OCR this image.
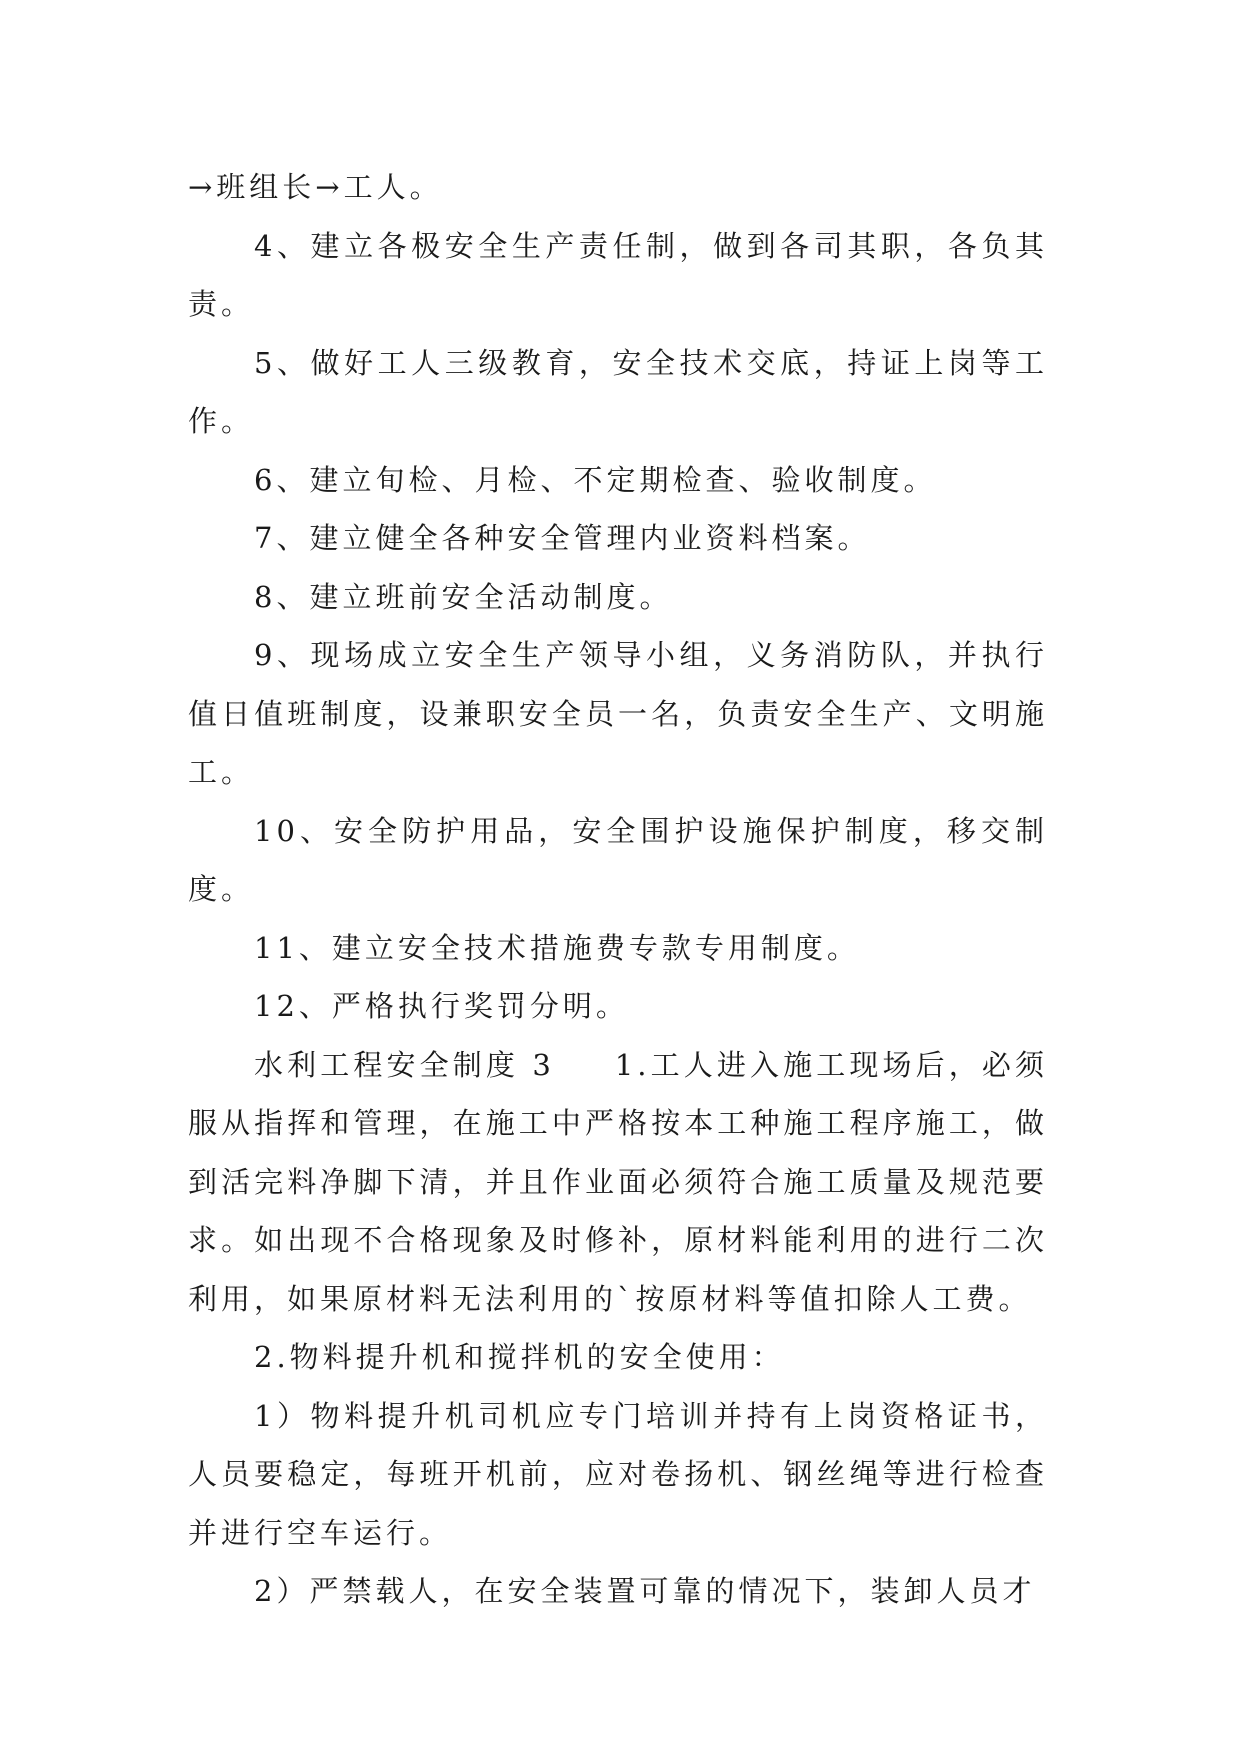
→班组长→工人。

4、建立各极安全生产责任制，做到各司其职，各负其责。

5、做好工人三级教育，安全技术交底，持证上岗等工作。

6、建立旬检、月检、不定期检查、验收制度。

7、建立健全各种安全管理内业资料档案。

8、建立班前安全活动制度。

9、现场成立安全生产领导小组，义务消防队，并执行值日值班制度，设兼职安全员一名，负责安全生产、文明施工。

10、安全防护用品，安全围护设施保护制度，移交制度。

11、建立安全技术措施费专款专用制度。

12、严格执行奖罚分明。

水利工程安全制度 3 1.工人进入施工现场后，必须服从指挥和管理，在施工中严格按本工种施工程序施工，做到活完料净脚下清，并且作业面必须符合施工质量及规范要求。如出现不合格现象及时修补，原材料能利用的进行二次利用，如果原材料无法利用的`按原材料等值扣除人工费。

2.物料提升机和搅拌机的安全使用：

1）物料提升机司机应专门培训并持有上岗资格证书，人员要稳定，每班开机前，应对卷扬机、钢丝绳等进行检查并进行空车运行。

2）严禁载人，在安全装置可靠的情况下，装卸人员才
